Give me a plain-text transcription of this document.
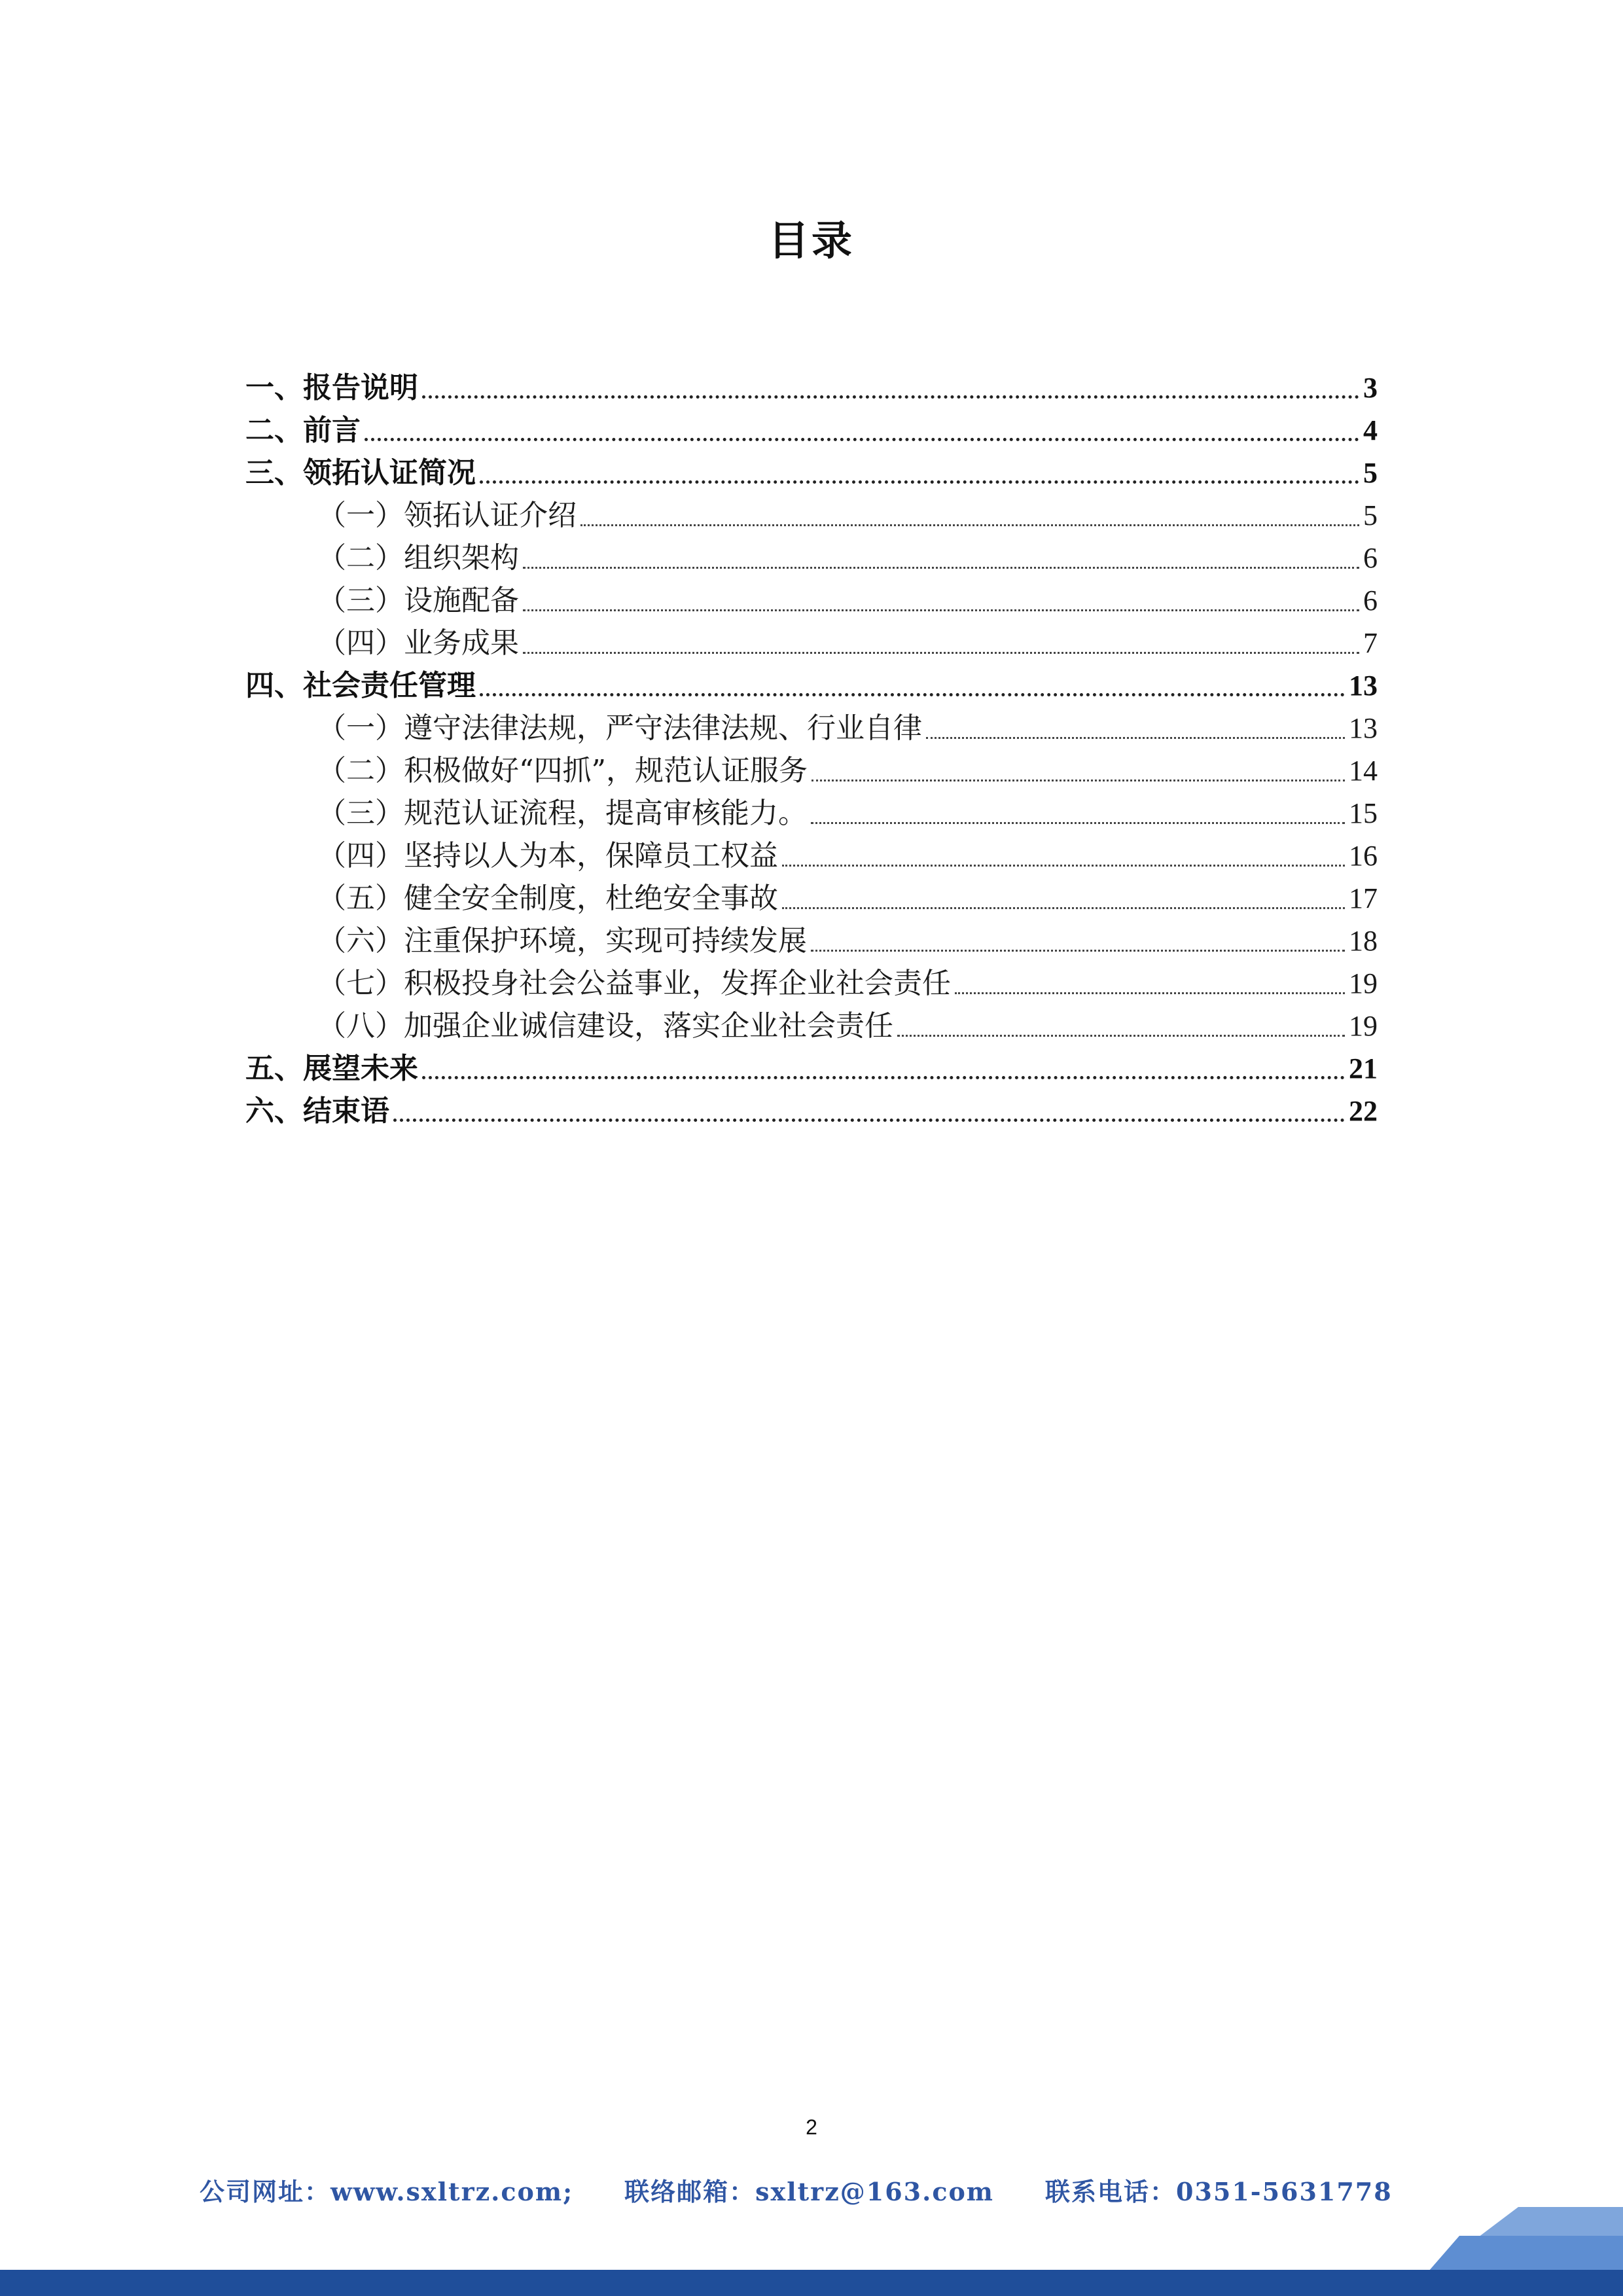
目录
一、报告说明	3
二、前言	4
三、领拓认证简况	5
（一）领拓认证介绍	5
（二）组织架构	6
（三）设施配备	6
（四）业务成果	7
四、社会责任管理	13
（一）遵守法律法规，严守法律法规、行业自律	13
（二）积极做好“四抓”，规范认证服务	14
（三）规范认证流程，提高审核能力。	15
（四）坚持以人为本，保障员工权益	16
（五）健全安全制度，杜绝安全事故	17
（六）注重保护环境，实现可持续发展	18
（七）积极投身社会公益事业，发挥企业社会责任	19
（八）加强企业诚信建设，落实企业社会责任	19
五、展望未来	21
六、结束语	22
2
公司网址：www.sxltrz.com; 联络邮箱：sxltrz@163.com 联系电话：0351-5631778
